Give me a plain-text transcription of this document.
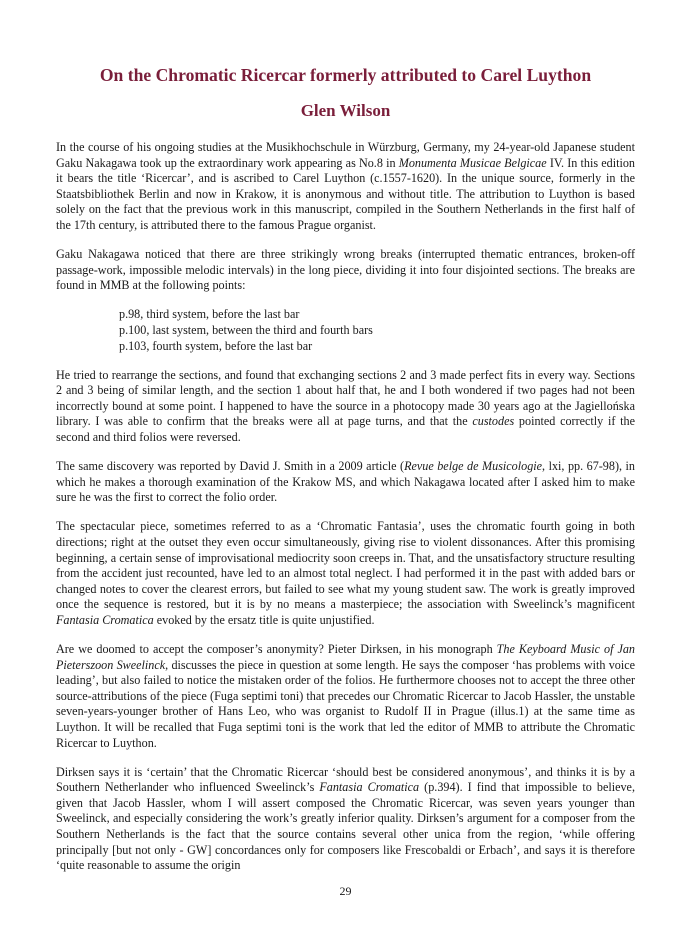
On the Chromatic Ricercar formerly attributed to Carel Luython
Glen Wilson

In the course of his ongoing studies at the Musikhochschule in Würzburg, Germany, my 24-year-old Japanese student Gaku Nakagawa took up the extraordinary work appearing as No.8 in Monumenta Musicae Belgicae IV. In this edition it bears the title ‘Ricercar’, and is ascribed to Carel Luython (c.1557-1620). In the unique source, formerly in the Staatsbibliothek Berlin and now in Krakow, it is anonymous and without title. The attribution to Luython is based solely on the fact that the previous work in this manuscript, compiled in the Southern Netherlands in the first half of the 17th century, is attributed there to the famous Prague organist.

Gaku Nakagawa noticed that there are three strikingly wrong breaks (interrupted thematic entrances, broken-off passage-work, impossible melodic intervals) in the long piece, dividing it into four disjointed sections. The breaks are found in MMB at the following points:

p.98, third system, before the last bar
p.100, last system, between the third and fourth bars
p.103, fourth system, before the last bar

He tried to rearrange the sections, and found that exchanging sections 2 and 3 made perfect fits in every way. Sections 2 and 3 being of similar length, and the section 1 about half that, he and I both wondered if two pages had not been incorrectly bound at some point. I happened to have the source in a photocopy made 30 years ago at the Jagiellońska library. I was able to confirm that the breaks were all at page turns, and that the custodes pointed correctly if the second and third folios were reversed.

The same discovery was reported by David J. Smith in a 2009 article (Revue belge de Musicologie, lxi, pp. 67-98), in which he makes a thorough examination of the Krakow MS, and which Nakagawa located after I asked him to make sure he was the first to correct the folio order.

The spectacular piece, sometimes referred to as a ‘Chromatic Fantasia’, uses the chromatic fourth going in both directions; right at the outset they even occur simultaneously, giving rise to violent dissonances. After this promising beginning, a certain sense of improvisational mediocrity soon creeps in. That, and the unsatisfactory structure resulting from the accident just recounted, have led to an almost total neglect. I had performed it in the past with added bars or changed notes to cover the clearest errors, but failed to see what my young student saw. The work is greatly improved once the sequence is restored, but it is by no means a masterpiece; the association with Sweelinck’s magnificent Fantasia Cromatica evoked by the ersatz title is quite unjustified.

Are we doomed to accept the composer’s anonymity? Pieter Dirksen, in his monograph The Keyboard Music of Jan Pieterszoon Sweelinck, discusses the piece in question at some length. He says the composer ‘has problems with voice leading’, but also failed to notice the mistaken order of the folios. He furthermore chooses not to accept the three other source-attributions of the piece (Fuga septimi toni) that precedes our Chromatic Ricercar to Jacob Hassler, the unstable seven-years-younger brother of Hans Leo, who was organist to Rudolf II in Prague (illus.1) at the same time as Luython. It will be recalled that Fuga septimi toni is the work that led the editor of MMB to attribute the Chromatic Ricercar to Luython.

Dirksen says it is ‘certain’ that the Chromatic Ricercar ‘should best be considered anonymous’, and thinks it is by a Southern Netherlander who influenced Sweelinck’s Fantasia Cromatica (p.394). I find that impossible to believe, given that Jacob Hassler, whom I will assert composed the Chromatic Ricercar, was seven years younger than Sweelinck, and especially considering the work’s greatly inferior quality. Dirksen’s argument for a composer from the Southern Netherlands is the fact that the source contains several other unica from the region, ‘while offering principally [but not only - GW] concordances only for composers like Frescobaldi or Erbach’, and says it is therefore ‘quite reasonable to assume the origin

29
